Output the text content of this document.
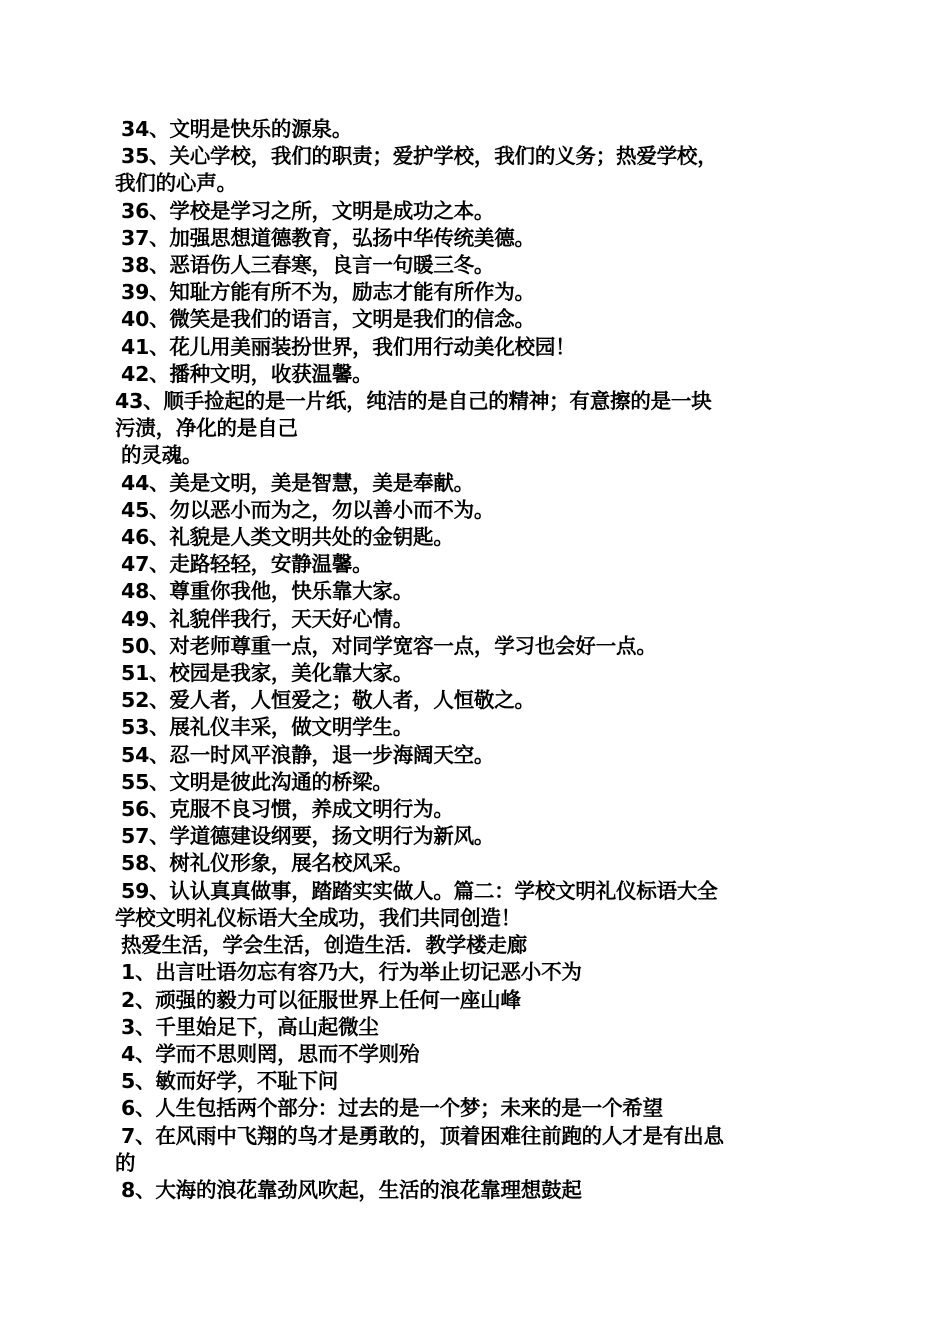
34、文明是快乐的源泉。
35、关心学校，我们的职责；爱护学校，我们的义务；热爱学校，
我们的心声。
36、学校是学习之所，文明是成功之本。
37、加强思想道德教育，弘扬中华传统美德。
38、恶语伤人三春寒，良言一句暖三冬。
39、知耻方能有所不为，励志才能有所作为。
40、微笑是我们的语言，文明是我们的信念。
41、花儿用美丽装扮世界，我们用行动美化校园！
42、播种文明，收获温馨。
43、顺手捡起的是一片纸，纯洁的是自己的精神；有意擦的是一块
污渍，净化的是自己
的灵魂。
44、美是文明，美是智慧，美是奉献。
45、勿以恶小而为之，勿以善小而不为。
46、礼貌是人类文明共处的金钥匙。
47、走路轻轻，安静温馨。
48、尊重你我他，快乐靠大家。
49、礼貌伴我行，天天好心情。
50、对老师尊重一点，对同学宽容一点，学习也会好一点。
51、校园是我家，美化靠大家。
52、爱人者，人恒爱之；敬人者，人恒敬之。
53、展礼仪丰采，做文明学生。
54、忍一时风平浪静，退一步海阔天空。
55、文明是彼此沟通的桥梁。
56、克服不良习惯，养成文明行为。
57、学道德建设纲要，扬文明行为新风。
58、树礼仪形象，展名校风采。
59、认认真真做事，踏踏实实做人。篇二：学校文明礼仪标语大全
学校文明礼仪标语大全成功，我们共同创造！
热爱生活，学会生活，创造生活．教学楼走廊
1、出言吐语勿忘有容乃大，行为举止切记恶小不为
2、顽强的毅力可以征服世界上任何一座山峰
3、千里始足下，高山起微尘
4、学而不思则罔，思而不学则殆
5、敏而好学，不耻下问
6、人生包括两个部分：过去的是一个梦；未来的是一个希望
7、在风雨中飞翔的鸟才是勇敢的，顶着困难往前跑的人才是有出息
的
8、大海的浪花靠劲风吹起，生活的浪花靠理想鼓起
